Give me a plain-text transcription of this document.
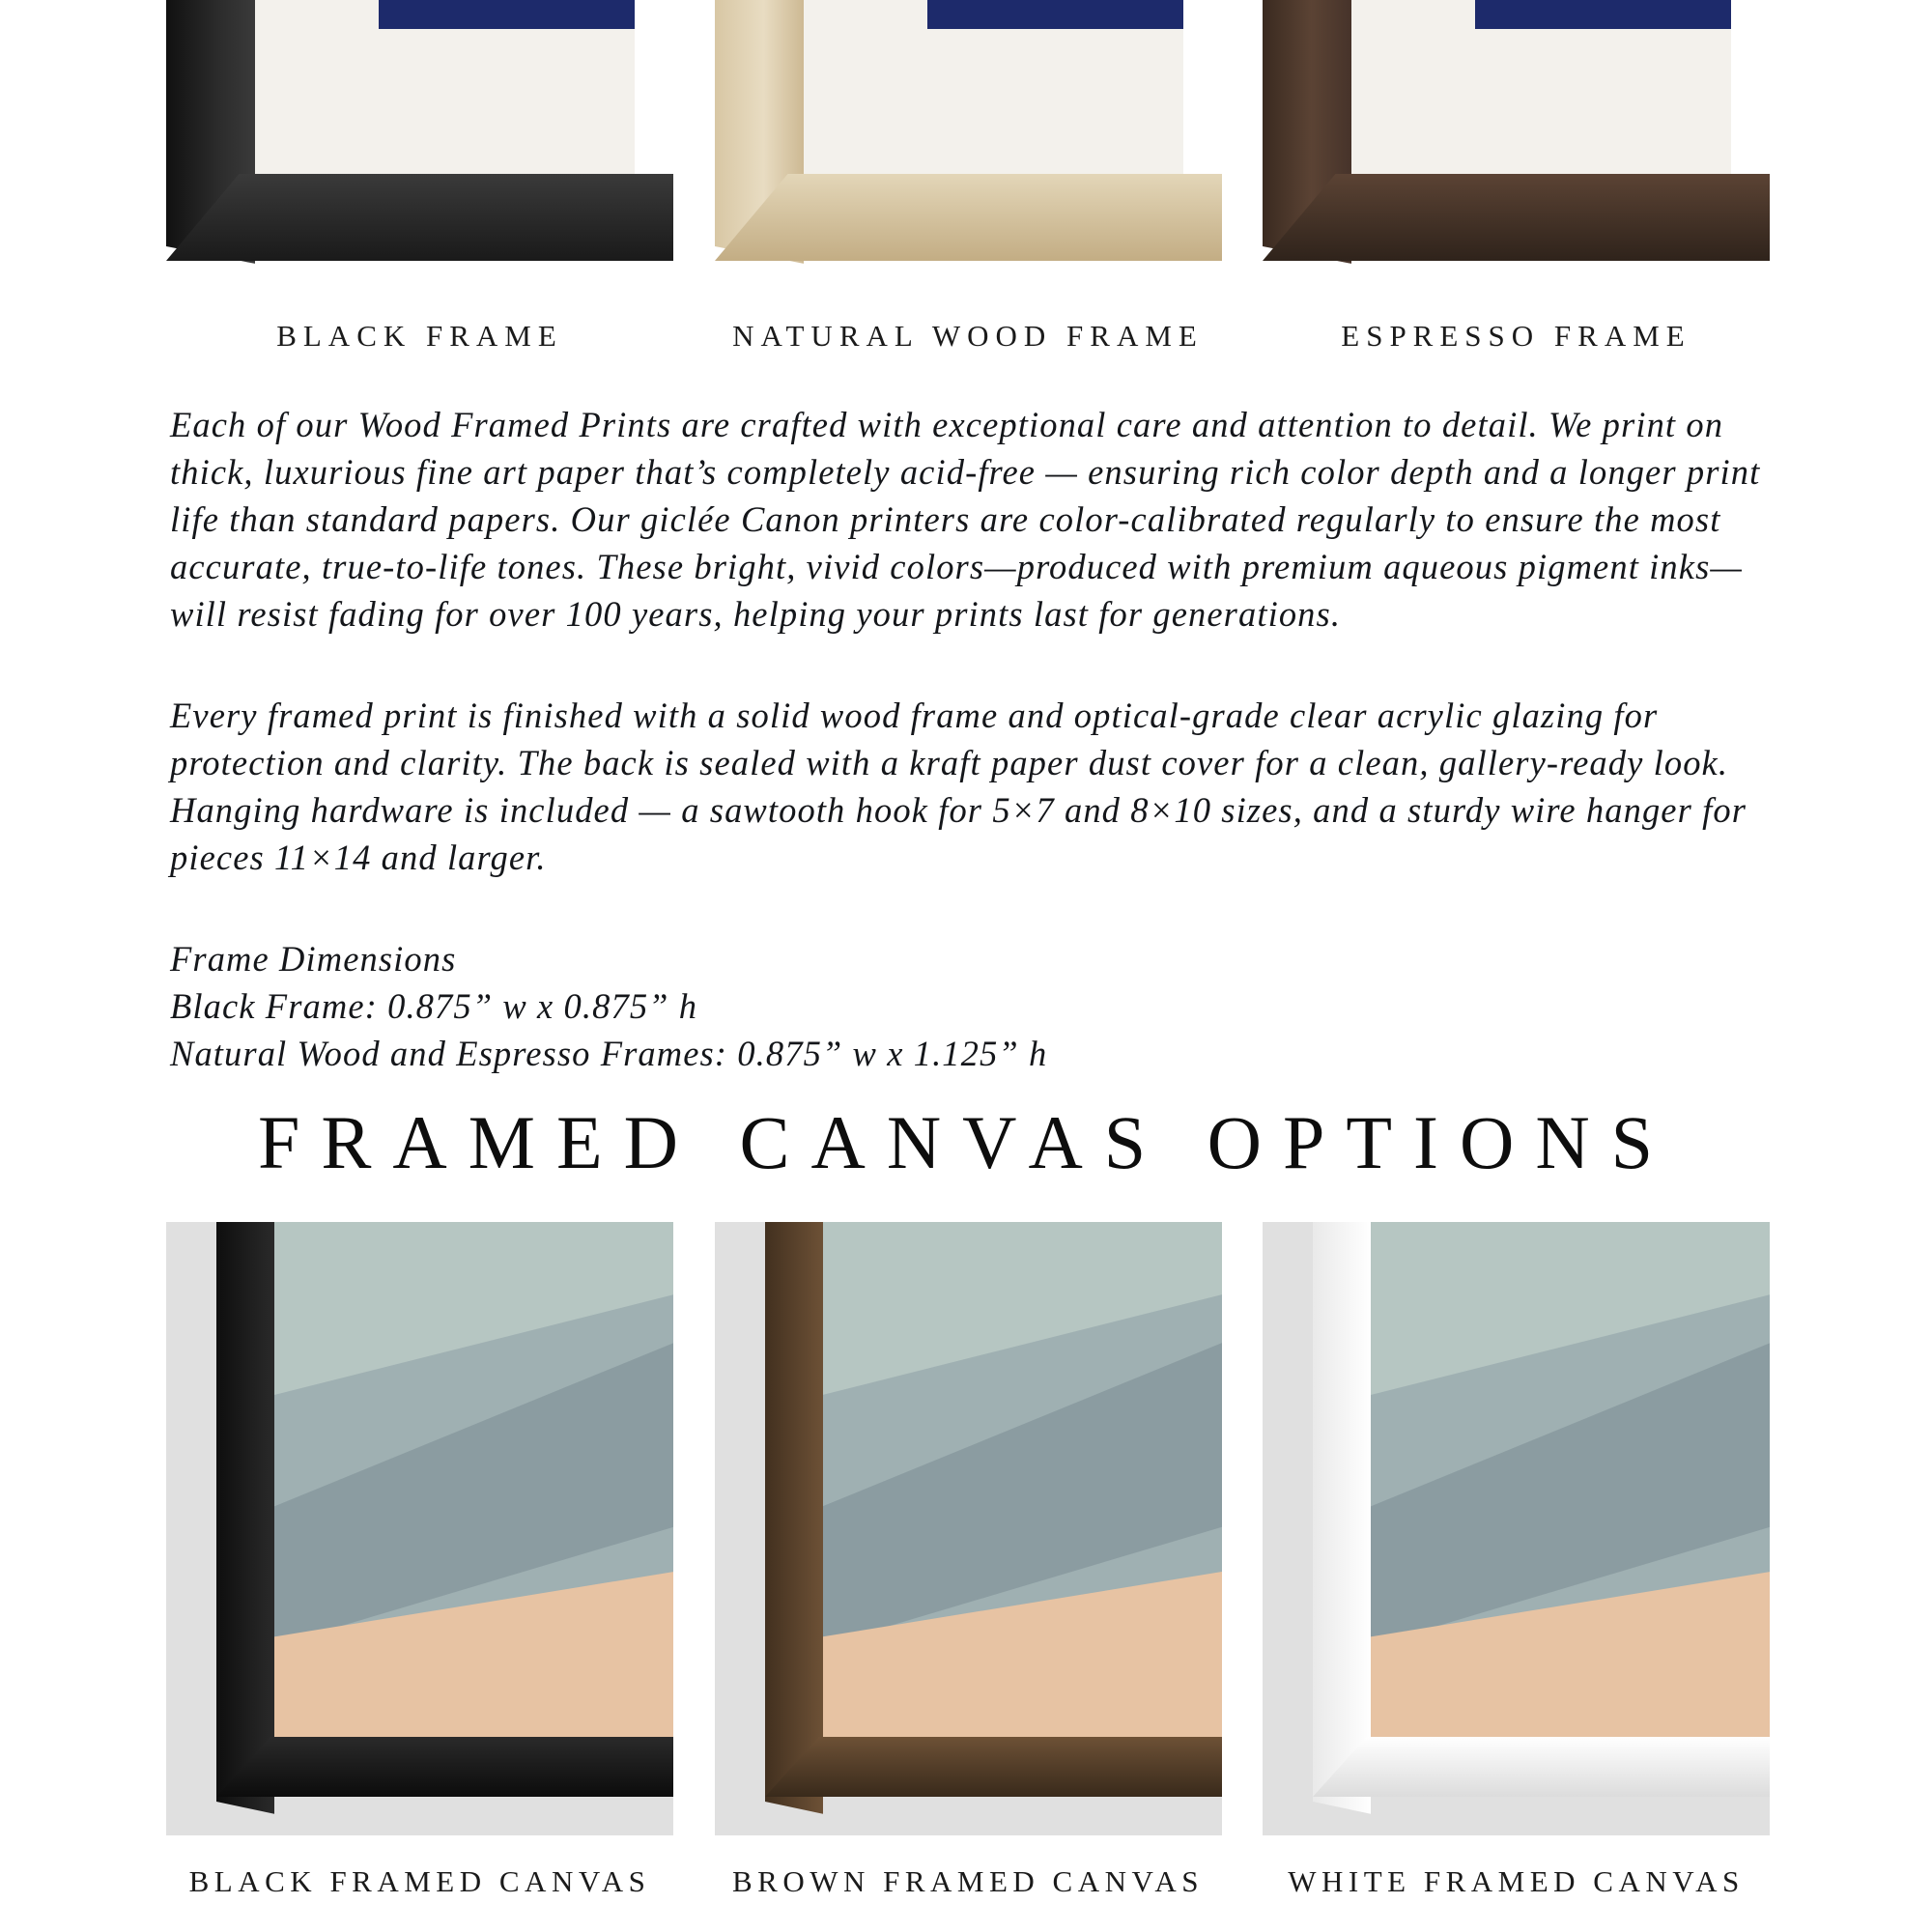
BLACK FRAME	NATURAL WOOD FRAME	ESPRESSO FRAME

Each of our Wood Framed Prints are crafted with exceptional care and attention to detail. We print on thick, luxurious fine art paper that’s completely acid-free — ensuring rich color depth and a longer print life than standard papers. Our giclée Canon printers are color-calibrated regularly to ensure the most accurate, true-to-life tones. These bright, vivid colors—produced with premium aqueous pigment inks—will resist fading for over 100 years, helping your prints last for generations.

Every framed print is finished with a solid wood frame and optical-grade clear acrylic glazing for protection and clarity. The back is sealed with a kraft paper dust cover for a clean, gallery-ready look. Hanging hardware is included — a sawtooth hook for 5×7 and 8×10 sizes, and a sturdy wire hanger for pieces 11×14 and larger.

Frame Dimensions
Black Frame: 0.875” w x 0.875” h
Natural Wood and Espresso Frames: 0.875” w x 1.125” h
FRAMED CANVAS OPTIONS
BLACK FRAMED CANVAS	BROWN FRAMED CANVAS	WHITE FRAMED CANVAS
